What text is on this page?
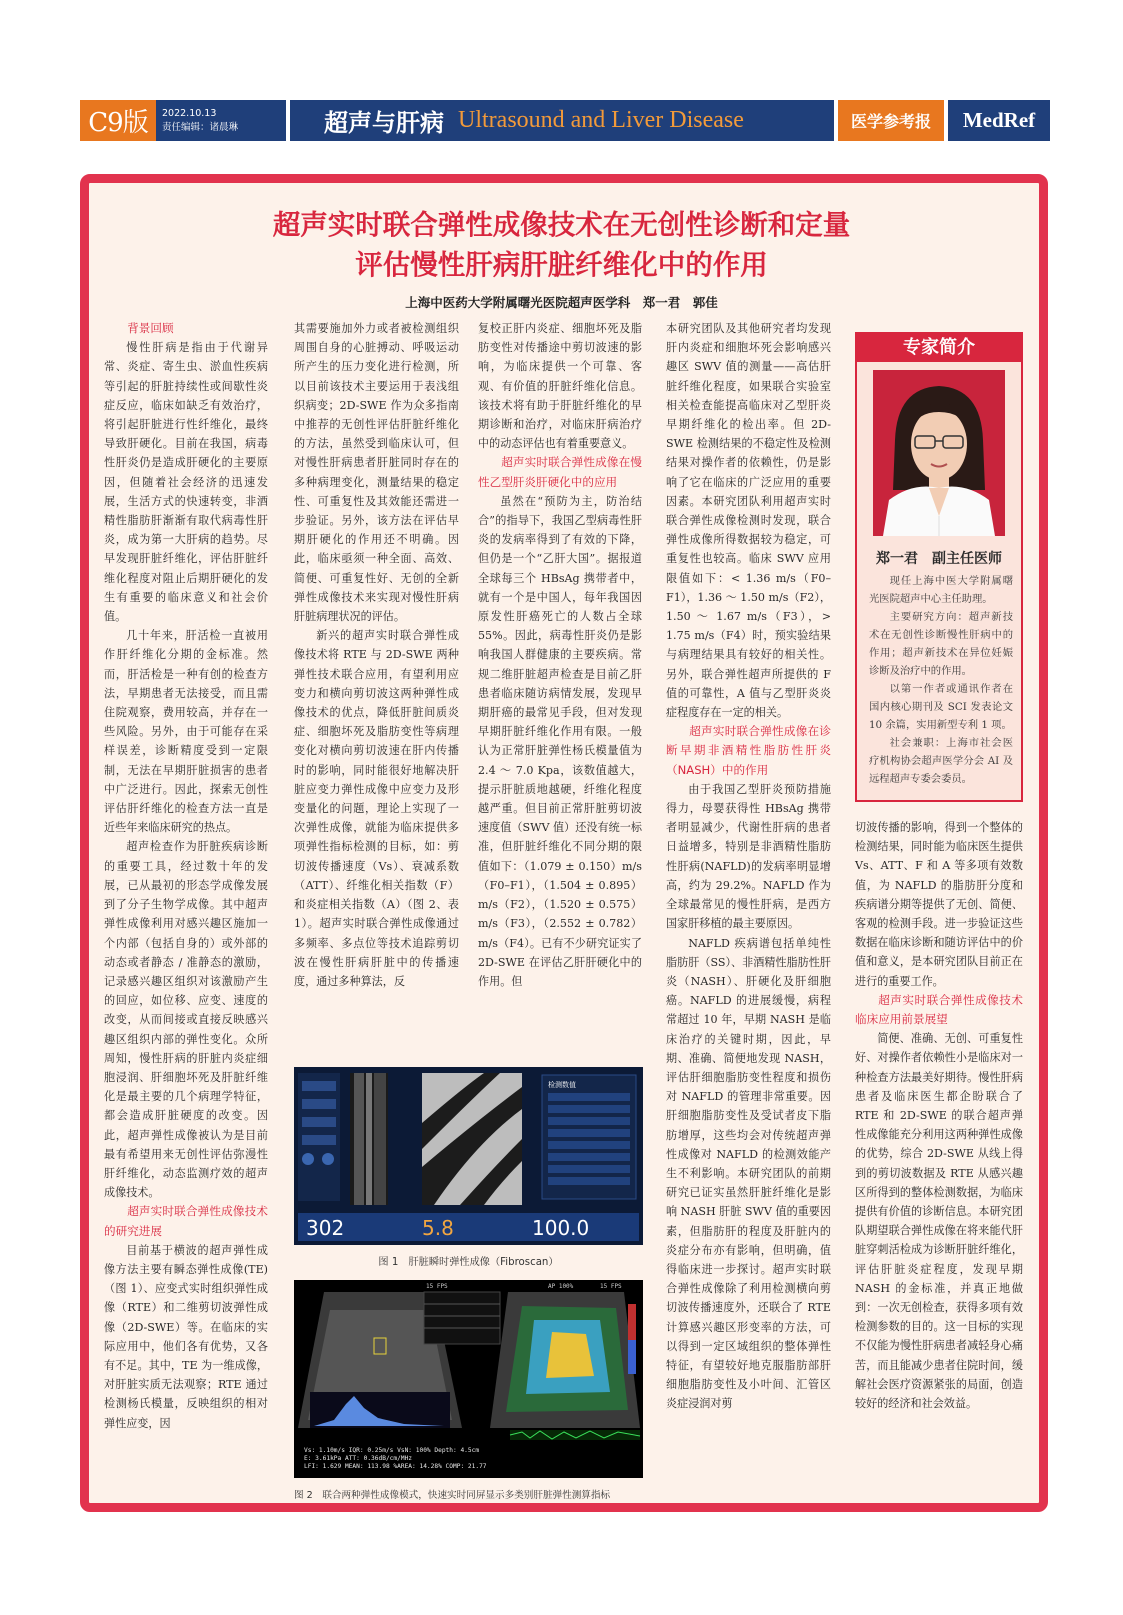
C9版	2022.10.13
责任编辑：诸晨琳	超声与肝病 Ultrasound and Liver Disease	医学参考报	MedRef
超声实时联合弹性成像技术在无创性诊断和定量
评估慢性肝病肝脏纤维化中的作用
上海中医药大学附属曙光医院超声医学科　郑一君　郭佳

背景回顾

慢性肝病是指由于代谢异常、炎症、寄生虫、淤血性疾病等引起的肝脏持续性或间歇性炎症反应，临床如缺乏有效治疗，将引起肝脏进行性纤维化，最终导致肝硬化。目前在我国，病毒性肝炎仍是造成肝硬化的主要原因，但随着社会经济的迅速发展，生活方式的快速转变，非酒精性脂肪肝渐渐有取代病毒性肝炎，成为第一大肝病的趋势。尽早发现肝脏纤维化，评估肝脏纤维化程度对阻止后期肝硬化的发生有重要的临床意义和社会价值。

几十年来，肝活检一直被用作肝纤维化分期的金标准。然而，肝活检是一种有创的检查方法，早期患者无法接受，而且需住院观察，费用较高，并存在一些风险。另外，由于可能存在采样误差，诊断精度受到一定限制，无法在早期肝脏损害的患者中广泛进行。因此，探索无创性评估肝纤维化的检查方法一直是近些年来临床研究的热点。

超声检查作为肝脏疾病诊断的重要工具，经过数十年的发展，已从最初的形态学成像发展到了分子生物学成像。其中超声弹性成像利用对感兴趣区施加一个内部（包括自身的）或外部的动态或者静态 / 准静态的激励，记录感兴趣区组织对该激励产生的回应，如位移、应变、速度的改变，从而间接或直接反映感兴趣区组织内部的弹性变化。众所周知，慢性肝病的肝脏内炎症细胞浸润、肝细胞坏死及肝脏纤维化是最主要的几个病理学特征，都会造成肝脏硬度的改变。因此，超声弹性成像被认为是目前最有希望用来无创性评估弥漫性肝纤维化，动态监测疗效的超声成像技术。

超声实时联合弹性成像技术的研究进展

目前基于横波的超声弹性成像方法主要有瞬态弹性成像(TE)（图 1）、应变式实时组织弹性成像（RTE）和二维剪切波弹性成像（2D-SWE）等。在临床的实际应用中，他们各有优势，又各有不足。其中，TE 为一维成像，对肝脏实质无法观察；RTE 通过检测杨氏模量，反映组织的相对弹性应变，因

其需要施加外力或者被检测组织周围自身的心脏搏动、呼吸运动所产生的压力变化进行检测，所以目前该技术主要运用于表浅组织病变；2D-SWE 作为众多指南中推荐的无创性评估肝脏纤维化的方法，虽然受到临床认可，但对慢性肝病患者肝脏同时存在的多种病理变化，测量结果的稳定性、可重复性及其效能还需进一步验证。另外，该方法在评估早期肝硬化的作用还不明确。因此，临床亟须一种全面、高效、简便、可重复性好、无创的全新弹性成像技术来实现对慢性肝病肝脏病理状况的评估。

新兴的超声实时联合弹性成像技术将 RTE 与 2D-SWE 两种弹性技术联合应用，有望利用应变力和横向剪切波这两种弹性成像技术的优点，降低肝脏间质炎症、细胞坏死及脂肪变性等病理变化对横向剪切波速在肝内传播时的影响，同时能很好地解决肝脏应变力弹性成像中应变力及形变量化的问题，理论上实现了一次弹性成像，就能为临床提供多项弹性指标检测的目标，如：剪切波传播速度（Vs）、衰减系数（ATT）、纤维化相关指数（F）和炎症相关指数（A）（图 2、表 1）。超声实时联合弹性成像通过多频率、多点位等技术追踪剪切波在慢性肝病肝脏中的传播速度，通过多种算法，反

复校正肝内炎症、细胞坏死及脂肪变性对传播途中剪切波速的影响，为临床提供一个可靠、客观、有价值的肝脏纤维化信息。该技术将有助于肝脏纤维化的早期诊断和治疗，对临床肝病治疗中的动态评估也有着重要意义。

超声实时联合弹性成像在慢性乙型肝炎肝硬化中的应用

虽然在“预防为主，防治结合”的指导下，我国乙型病毒性肝炎的发病率得到了有效的下降，但仍是一个“乙肝大国”。据报道全球每三个 HBsAg 携带者中，就有一个是中国人，每年我国因原发性肝癌死亡的人数占全球 55%。因此，病毒性肝炎仍是影响我国人群健康的主要疾病。常规二维肝脏超声检查是目前乙肝患者临床随访病情发展，发现早期肝癌的最常见手段，但对发现早期肝脏纤维化作用有限。一般认为正常肝脏弹性杨氏模量值为 2.4 ～ 7.0 Kpa，该数值越大，提示肝脏质地越硬，纤维化程度越严重。但目前正常肝脏剪切波速度值（SWV 值）还没有统一标准，但肝脏纤维化不同分期的限值如下：（1.079 ± 0.150）m/s（F0–F1），（1.504 ± 0.895）m/s（F2），（1.520 ± 0.575）m/s（F3），（2.552 ± 0.782）m/s（F4）。已有不少研究证实了 2D-SWE 在评估乙肝肝硬化中的作用。但

本研究团队及其他研究者均发现肝内炎症和细胞坏死会影响感兴趣区 SWV 值的测量——高估肝脏纤维化程度，如果联合实验室相关检查能提高临床对乙型肝炎早期纤维化的检出率。但 2D-SWE 检测结果的不稳定性及检测结果对操作者的依赖性，仍是影响了它在临床的广泛应用的重要因素。本研究团队利用超声实时联合弹性成像检测时发现，联合弹性成像所得数据较为稳定，可重复性也较高。临床 SWV 应用限值如下：< 1.36 m/s（F0–F1），1.36 ～ 1.50 m/s（F2），1.50 ～ 1.67 m/s（F3），> 1.75 m/s（F4）时，预实验结果与病理结果具有较好的相关性。另外，联合弹性超声所提供的 F 值的可靠性，A 值与乙型肝炎炎症程度存在一定的相关。

超声实时联合弹性成像在诊断早期非酒精性脂肪性肝炎（NASH）中的作用

由于我国乙型肝炎预防措施得力，母婴获得性 HBsAg 携带者明显减少，代谢性肝病的患者日益增多，特别是非酒精性脂肪性肝病(NAFLD)的发病率明显增高，约为 29.2%。NAFLD 作为全球最常见的慢性肝病，是西方国家肝移植的最主要原因。

NAFLD 疾病谱包括单纯性脂肪肝（SS）、非酒精性脂肪性肝炎（NASH）、肝硬化及肝细胞癌。NAFLD 的进展缓慢，病程常超过 10 年，早期 NASH 是临床治疗的关键时期，因此，早期、准确、简便地发现 NASH，评估肝细胞脂肪变性程度和损伤对 NAFLD 的管理非常重要。因肝细胞脂肪变性及受试者皮下脂肪增厚，这些均会对传统超声弹性成像对 NAFLD 的检测效能产生不利影响。本研究团队的前期研究已证实虽然肝脏纤维化是影响 NASH 肝脏 SWV 值的重要因素，但脂肪肝的程度及肝脏内的炎症分布亦有影响，但明确，值得临床进一步探讨。超声实时联合弹性成像除了利用检测横向剪切波传播速度外，还联合了 RTE 计算感兴趣区形变率的方法，可以得到一定区域组织的整体弹性特征，有望较好地克服脂肪部肝细胞脂肪变性及小叶间、汇管区炎症浸润对剪

切波传播的影响，得到一个整体的检测结果，同时能为临床医生提供 Vs、ATT、F 和 A 等多项有效数值，为 NAFLD 的脂肪肝分度和疾病谱分期等提供了无创、简便、客观的检测手段。进一步验证这些数据在临床诊断和随访评估中的价值和意义，是本研究团队目前正在进行的重要工作。

超声实时联合弹性成像技术临床应用前景展望

简便、准确、无创、可重复性好、对操作者依赖性小是临床对一种检查方法最美好期待。慢性肝病患者及临床医生都企盼联合了 RTE 和 2D-SWE 的联合超声弹性成像能充分利用这两种弹性成像的优势，综合 2D-SWE 从线上得到的剪切波数据及 RTE 从感兴趣区所得到的整体检测数据，为临床提供有价值的诊断信息。本研究团队期望联合弹性成像在将来能代肝脏穿刺活检成为诊断肝脏纤维化，评估肝脏炎症程度，发现早期 NASH 的金标准，并真正地做到：一次无创检查，获得多项有效检测参数的目的。这一目标的实现不仅能为慢性肝病患者减轻身心痛苦，而且能减少患者住院时间，缓解社会医疗资源紧张的局面，创造较好的经济和社会效益。

专家简介
郑一君　副主任医师

现任上海中医大学附属曙光医院超声中心主任助理。

主要研究方向：超声新技术在无创性诊断慢性肝病中的作用；超声新技术在异位妊娠诊断及治疗中的作用。

以第一作者或通讯作者在国内核心期刊及 SCI 发表论文 10 余篇，实用新型专利 1 项。

社会兼职：上海市社会医疗机构协会超声医学分会 AI 及远程超声专委会委员。

检测数值
302	5.8	100.0
图 1　肝脏瞬时弹性成像（Fibroscan）
15 FPS	AP 100%	15 FPS
Vs: 1.10m/s IQR: 0.25m/s VsN: 100% Depth: 4.5cm
E: 3.61kPa ATT: 0.36dB/cm/MHz
LFI: 1.629 MEAN: 113.98 %AREA: 14.28% COMP: 21.77
图 2　联合两种弹性成像模式，快速实时同屏显示多类别肝脏弹性测算指标
